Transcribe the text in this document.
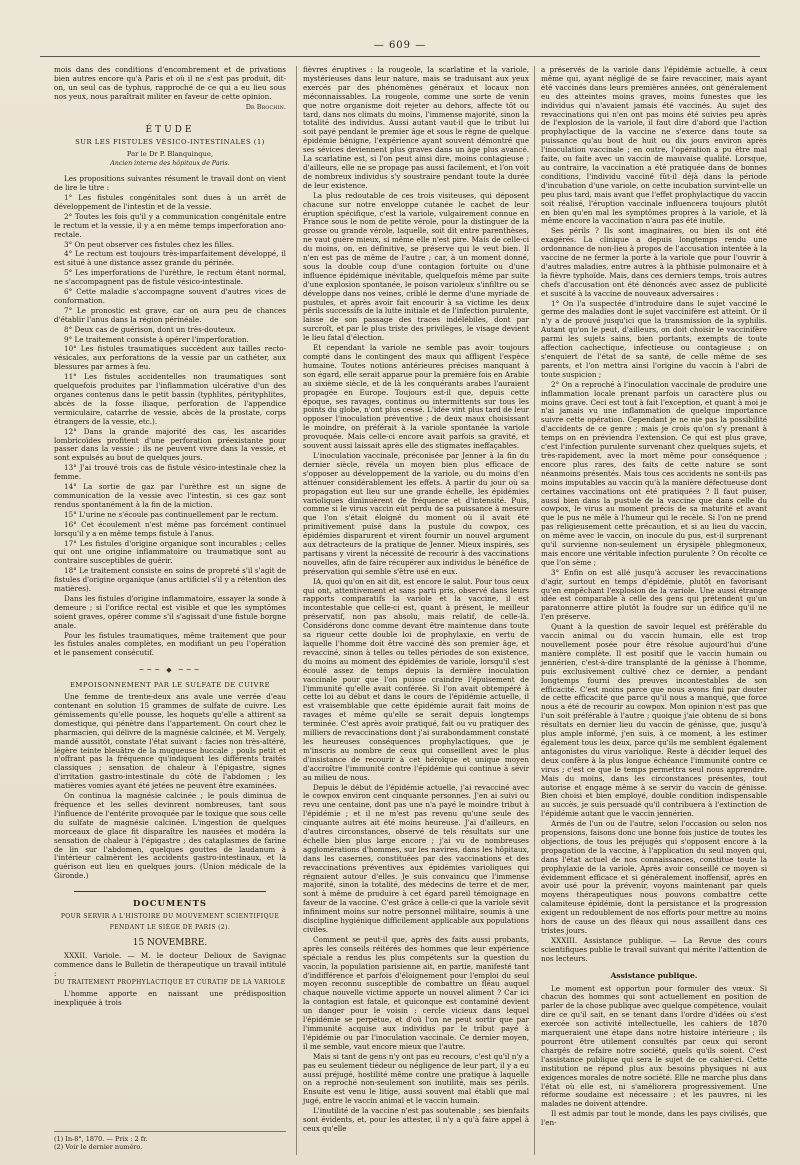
— 609 —

mois dans des conditions d'encombrement et de privations bien autres encore qu'à Paris et où il ne s'est pas produit, dit-on, un seul cas de typhus, rapproché de ce qui a eu lieu sous nos yeux, nous paraîtrait militer en faveur de cette opinion.

Dr Brochin.
ÉTUDE
SUR LES FISTULES VÉSICO-INTESTINALES (1)
Par le Dr P. Blanquinque,
Ancien interne des hôpitaux de Paris.

Les propositions suivantes résument le travail dont on vient de lire le titre :

1° Les fistules congénitales sont dues à un arrêt de développement de l'intestin et de la vessie.

2° Toutes les fois qu'il y a communication congénitale entre le rectum et la vessie, il y a en même temps imperforation ano-rectale.

3° On peut observer ces fistules chez les filles.

4° Le rectum est toujours très-imparfaitement développé, il est situé à une distance assez grande du périnée.

5° Les imperforations de l'urèthre, le rectum étant normal, ne s'accompagnent pas de fistule vésico-intestinale.

6° Cette maladie s'accompagne souvent d'autres vices de conformation.

7° Le pronostic est grave, car on aura peu de chances d'établir l'anus dans la région périnéale.

8° Deux cas de guérison, dont un très-douteux.

9° Le traitement consiste à opérer l'imperforation.

10° Les fistules traumatiques succèdent aux tailles recto-vésicales, aux perforations de la vessie par un cathéter, aux blessures par armes à feu.

11° Les fistules accidentelles non traumatiques sont quelquefois produites par l'inflammation ulcérative d'un des organes contenus dans le petit bassin (typhlites, pérityphlites, abcès de la fosse iliaque, perforation de l'appendice vermiculaire, catarrhe de vessie, abcès de la prostate, corps étrangers de la vessie, etc.).

12° Dans la grande majorité des cas, les ascarides lombricoïdes profitent d'une perforation préexistante pour passer dans la vessie ; ils ne peuvent vivre dans la vessie, et sont expulsés au bout de quelques jours.

13° J'ai trouvé trois cas de fistule vésico-intestinale chez la femme.

14° La sortie de gaz par l'urèthre est un signe de communication de la vessie avec l'intestin, si ces gaz sont rendus spontanément à la fin de la miction.

15° L'urine ne s'écoule pas continuellement par le rectum.

16° Cet écoulement n'est même pas forcément continuel lorsqu'il y a en même temps fistule à l'anus.

17° Les fistules d'origine organique sont incurables ; celles qui ont une origine inflammatoire ou traumatique sont au contraire susceptibles de guérir.

18° Le traitement consiste en soins de propreté s'il s'agit de fistules d'origine organique (anus artificiel s'il y a rétention des matières).

Dans les fistules d'origine inflammatoire, essayer la sonde à demeure ; si l'orifice rectal est visible et que les symptômes soient graves, opérer comme s'il s'agissait d'une fistule borgne anale.

Pour les fistules traumatiques, même traitement que pour les fistules anales complètes, en modifiant un peu l'opération et le pansement consécutif.

~~~ ◆ ~~~
EMPOISONNEMENT PAR LE SULFATE DE CUIVRE

Une femme de trente-deux ans avale une verrée d'eau contenant en solution 15 grammes de sulfate de cuivre. Les gémissements qu'elle pousse, les hoquets qu'elle a attirent sa domestique, qui pénètre dans l'appartement. On court chez le pharmacien, qui délivre de la magnésie calcinée, et M. Vergely, mandé aussitôt, constate l'état suivant : facies non très-altéré, légère teinte bleuâtre de la muqueuse buccale ; pouls petit et n'offrant pas la fréquence qu'indiquent les différents traités classiques ; sensation de chaleur à l'épigastre, signes d'irritation gastro-intestinale du côté de l'abdomen ; les matières vomies ayant été jetées ne peuvent être examinées.

On continua la magnésie calcinée ; le pouls diminua de fréquence et les selles devinrent nombreuses, tant sous l'influence de l'entérite provoquée par le toxique que sous celle du sulfate de magnésie calcinée. L'ingestion de quelques morceaux de glace fit disparaître les nausées et modéra la sensation de chaleur à l'épigastre ; des cataplasmes de farine de lin sur l'abdomen, quelques gouttes de laudanum à l'intérieur calmèrent les accidents gastro-intestinaux, et la guérison eut lieu en quelques jours. (Union médicale de la Gironde.)

DOCUMENTS
POUR SERVIR A L'HISTOIRE DU MOUVEMENT SCIENTIFIQUE
PENDANT LE SIÈGE DE PARIS (2).
15 NOVEMBRE.

XXXII. Variole. — M. le docteur Delioux de Savignac commence dans le Bulletin de thérapeutique un travail intitulé :

DU TRAITEMENT PROPHYLACTIQUE ET CURATIF DE LA VARIOLE

L'homme apporte en naissant une prédisposition inexpliquée à trois

fièvres éruptives : la rougeole, la scarlatine et la variole, mystérieuses dans leur nature, mais se traduisant aux yeux exercés par des phénomènes généraux et locaux non méconnaissables. La rougeole, comme une sorte de venin que notre organisme doit rejeter au dehors, affecte tôt ou tard, dans nos climats du moins, l'immense majorité, sinon la totalité des individus. Aussi autant vaut-il que le tribut lui soit payé pendant le premier âge et sous le règne de quelque épidémie bénigne, l'expérience ayant souvent démontré que ses sévices deviennent plus graves dans un âge plus avancé. La scarlatine est, si l'on peut ainsi dire, moins contagieuse ; d'ailleurs, elle ne se propage pas aussi facilement, et l'on voit de nombreux individus s'y soustraire pendant toute la durée de leur existence.

La plus redoutable de ces trois visiteuses, qui déposent chacune sur notre enveloppe cutanée le cachet de leur éruption spécifique, c'est la variole, vulgairement connue en France sous le nom de petite vérole, pour la distinguer de la grosse ou grande vérole, laquelle, soit dit entre parenthèses, ne vaut guère mieux, si même elle n'est pire. Mais de celle-ci du moins, on, en définitive, se préserve qui le veut bien. Il n'en est pas de même de l'autre ; car, à un moment donné, sous la double coup d'une contagion fortuite ou d'une influence épidémique inévitable, quelquefois même par suite d'une explosion spontanée, le poison varioleux s'infiltre ou se développe dans nos veines, criblé le derme d'une myriade de pustules, et après avoir fait encourir à sa victime les deux périls successifs de la lutte initiale et de l'infection purulente, laisse de son passage des traces indélébiles, dont par surcroît, et par le plus triste des privilèges, le visage devient le lieu fatal d'élection.

Et cependant la variole ne semble pas avoir toujours compté dans le contingent des maux qui affligent l'espèce humaine. Toutes notions antérieures précises manquant à son égard, elle serait apparue pour la première fois en Arabie au sixième siècle, et de là les conquérants arabes l'auraient propagée en Europe. Toujours est-il que, depuis cette époque, ses ravages, continus ou intermittents sur tous les points du globe, n'ont plus cessé. L'idée vint plus tard de leur opposer l'inoculation préventive ; de deux maux choisissant le moindre, on préférait à la variole spontanée la variole provoquée. Mais celle-ci encore avait parfois sa gravité, et souvent aussi laissait après elle des stigmates ineffaçables.

L'inoculation vaccinale, préconisée par Jenner à la fin du dernier siècle, révéla un moyen bien plus efficace de s'opposer au développement de la variole, ou du moins d'en atténuer considérablement les effets. A partir du jour où sa propagation eut lieu sur une grande échelle, les épidémies varioliques diminuèrent de fréquence et d'intensité. Puis, comme si le virus vaccin eût perdu de sa puissance à mesure que l'on s'était éloigné du moment où il avait été primitivement puisé dans la pustule du cowpox, ces épidémies disparurent et virent fournir un nouvel argument aux détracteurs de la pratique de Jenner. Mieux inspirés, ses partisans y virent la nécessité de recourir à des vaccinations nouvelles, afin de faire récupérer aux individus le bénéfice de préservation qui semble s'être usé en eux.

IA, quoi qu'on en ait dit, est encore le salut. Pour tous ceux qui ont, attentivement et sans parti pris, observé dans leurs rapports comparatifs la variole et la vaccine, il est incontestable que celle-ci est, quant à présent, le meilleur préservatif, non pas absolu, mais relatif, de celle-là. Considérons donc comme devant être maintenue dans toute sa rigueur cette double loi de prophylaxie, en vertu de laquelle l'homme doit être vacciné dès son premier âge, et revacciné, sinon à telles ou telles périodes de son existence, du moins au moment des épidémies de variole, lorsqu'il s'est écoulé assez de temps depuis la dernière inoculation vaccinale pour que l'on puisse craindre l'épuisement de l'immunité qu'elle avait conférée. Si l'on avait obtempéré à cette loi au début et dans le cours de l'épidémie actuelle, il est vraisemblable que cette épidémie aurait fait moins de ravages et même qu'elle se serait depuis longtemps terminée. C'est après avoir pratiqué, fait ou vu pratiquer des milliers de revaccinations dont j'ai surabondamment constaté les heureuses conséquences prophylactiques, que je m'inscris au nombre de ceux qui conseillent avec le plus d'insistance de recourir à cet héroïque et unique moyen d'accroître l'immunité contre l'épidémie qui continue à sévir au milieu de nous.

Depuis le début de l'épidémie actuelle, j'ai revacciné avec le cowpox environ cent cinquante personnes. J'en ai suivi ou revu une centaine, dont pas une n'a payé le moindre tribut à l'épidémie ; et il ne m'est pas revenu qu'une seule des cinquante autres ait été moins heureuse. J'ai d'ailleurs, en d'autres circonstances, observé de tels résultats sur une échelle bien plus large encore ; j'ai vu de nombreuses agglomérations d'hommes, sur les navires, dans les hôpitaux, dans les casernes, constituées par des vaccinations et des revaccinations préventives aux épidémies varioliques qui régnaient autour d'elles. Je suis convaincu que l'immense majorité, sinon la totalité, des médecins de terre et de mer, sont à même de produire à cet égard pareil témoignage en faveur de la vaccine. C'est grâce à celle-ci que la variole sévit infiniment moins sur notre personnel militaire, soumis à une discipline hygiénique difficilement applicable aux populations civiles.

Comment se peut-il que, après des faits aussi probants, après les conseils réitérés des hommes que leur expérience spéciale a rendus les plus compétents sur la question du vaccin, la population parisienne ait, en partie, manifesté tant d'indifférence et parfois d'éloignement pour l'emploi du seul moyen reconnu susceptible de combattre un fléau auquel chaque nouvelle victime apporte un nouvel aliment ? Car ici la contagion est fatale, et quiconque est contaminé devient un danger pour le voisin ; cercle vicieux dans lequel l'épidémie se perpétue, et d'où l'on ne peut sortir que par l'immunité acquise aux individus par le tribut payé à l'épidémie ou par l'inoculation vaccinale. Ce dernier moyen, il me semble, vaut encore mieux que l'autre.

Mais si tant de gens n'y ont pas eu recours, c'est qu'il n'y a pas eu seulement tiédeur ou négligence de leur part, il y a eu aussi préjugé, hostilité même contre une pratique à laquelle on a reproché non-seulement son inutilité, mais ses périls. Ensuite est venu le litige, aussi souvent mal établi que mal jugé, entre le vaccin animal et le vaccin humain.

L'inutilité de la vaccine n'est pas soutenable ; ses bienfaits sont évidents, et, pour les attester, il n'y a qu'à faire appel à ceux qu'elle

a préservés de la variole dans l'épidémie actuelle, à ceux même qui, ayant négligé de se faire revacciner, mais ayant été vaccinés dans leurs premières années, ont généralement eu des atteintes moins graves, moins funestes que les individus qui n'avaient jamais été vaccinés. Au sujet des revaccinations qui n'en ont pas moins été suivies peu après de l'explosion de la variole, il faut dire d'abord que l'action prophylactique de la vaccine ne s'exerce dans toute sa puissance qu'au bout de huit ou dix jours environ après l'inoculation vaccinale ; en outre, l'opération a pu être mal faite, ou faite avec un vaccin de mauvaise qualité. Lorsque, au contraire, la vaccination a été pratiquée dans de bonnes conditions, l'individu vacciné fût-il déjà dans la période d'incubation d'une variole, on cette incubation survint-elle un peu plus tard, mais avant que l'effet prophylactique du vaccin soit réalisé, l'éruption vaccinale influencera toujours plutôt en bien qu'en mal les symptômes propres à la variole, et là même encore la vaccination n'aura pas été inutile.

Ses périls ? Ils sont imaginaires, ou bien ils ont été exagérés. La clinique a depuis longtemps rendu une ordonnance de non-lieu à propos de l'accusation intentée à la vaccine de ne fermer la porte à la variole que pour l'ouvrir à d'autres maladies, entre autres à la phthisie pulmonaire et à la fièvre typhoïde. Mais, dans ces derniers temps, trois autres chefs d'accusation ont été dénoncés avec assez de publicité et suscité à la vaccine de nouveaux adversaires :

1° On l'a suspectée d'introduire dans le sujet vacciné le germe des maladies dont le sujet vaccinifère est atteint. Or il n'y a de prouvé jusqu'ici que la transmission de la syphilis. Autant qu'on le peut, d'ailleurs, on doit choisir le vaccinifère parmi les sujets sains, bien portants, exempts de toute affection cachectique, infectieuse ou contagieuse ; on s'enquiert de l'état de sa santé, de celle même de ses parents, et l'on mettra ainsi l'origine du vaccin à l'abri de toute suspicion ;

2° On a reproché à l'inoculation vaccinale de produire une inflammation locale prenant parfois un caractère plus ou moins grave. Ceci est tout à fait l'exception, et quant à moi je n'ai jamais vu une inflammation de quelque importance suivre cette opération. Cependant je ne nie pas la possibilité d'accidents de ce genre ; mais je crois qu'on s'y prenant à temps on en préviendra l'extension. Ce qui est plus grave, c'est l'infection purulente survenant chez quelques sujets, et très-rapidement, avec la mort même pour conséquence ; encore plus rares, des faits de cette nature se sont néanmoins présentés. Mais tous ces accidents ne sont-ils pas moins imputables au vaccin qu'à la manière défectueuse dont certaines vaccinations ont été pratiquées ? Il faut puiser, aussi bien dans la pustule de la vaccine que dans celle du cowpox, le virus au moment précis de sa maturité et avant que le pus ne mêle à l'humeur qui le recèle. Si l'on ne prend pas religieusement cette précaution, et si au lieu du vaccin, on même avec le vaccin, on inocule du pus, est-il surprenant qu'il survienne non-seulement un érysipèle phlegmoneux, mais encore une véritable infection purulente ? On récolte ce que l'on sème ;

3° Enfin on est allé jusqu'à accuser les revaccinations d'agir, surtout en temps d'épidémie, plutôt en favorisant qu'en empêchant l'explosion de la variole. Une aussi étrange idée est comparable à celle des gens qui prétendent qu'un paratonnerre attire plutôt la foudre sur un édifice qu'il ne l'en préserve.

Quant à la question de savoir lequel est préférable du vaccin animal ou du vaccin humain, elle est trop nouvellement posée pour être résolue aujourd'hui d'une manière complète. Il est positif que le vaccin humain ou jennérien, c'est-à-dire transplanté de la génisse à l'homme, puis exclusivement cultivé chez ce dernier, a pendant longtemps fourni des preuves incontestables de son efficacité. C'est moins parce que nous avons fini par douter de cette efficacité que parce qu'il nous a manqué, que force nous a été de recourir au cowpox. Mon opinion n'est pas que l'un soit préférable à l'autre ; quoique j'aie obtenu de si bons résultats en dernier lieu du vaccin de génisse, que, jusqu'à plus ample informé, j'en suis, à ce moment, à les estimer également tous les deux, parce qu'ils me semblent également antagonistes du virus variolique. Reste à décider lequel des deux confère à la plus longue échéance l'immunité contre ce virus ; c'est ce que le temps permettra seul nous apprendre. Mais du moins, dans les circonstances présentes, tout autorise et engage même à se servir du vaccin de génisse. Bien choisi et bien employé, double condition indispensable au succès, je suis persuadé qu'il contribuera à l'extinction de l'épidémie autant que le vaccin jennérien.

Armés de l'un ou de l'autre, selon l'occasion ou selon nos propensions, faisons donc une bonne fois justice de toutes les objections, de tous les préjugés qui s'opposent encore à la propagation de la vaccine, à l'application du seul moyen qui, dans l'état actuel de nos connaissances, constitue toute la prophylaxie de la variole. Après avoir conseillé ce moyen si évidemment efficace et si généralement inoffensif, après en avoir usé pour la prévenir, voyons maintenant par quels moyens thérapeutiques nous pouvons combattre cette calamiteuse épidémie, dont la persistance et la progression exigent un redoublement de nos efforts pour mettre au moins hors de cause un des fléaux qui nous assaillent dans ces tristes jours.

XXXIII. Assistance publique. — La Revue des cours scientifiques publie le travail suivant qui mérite l'attention de nos lecteurs.

Assistance publique.

Le moment est opportun pour formuler des vœux. Si chacun des hommes qui sont actuellement en position de parler de la chose publique avec quelque compétence, voulait dire ce qu'il sait, en se tenant dans l'ordre d'idées où s'est exercée son activité intellectuelle, les cahiers de 1870 marqueraient une étape dans notre histoire intérieure ; ils pourront être utilement consultés par ceux qui seront chargés de refaire notre société, quels qu'ils soient. C'est l'assistance publique qui sera le sujet de ce cahier-ci. Cette institution ne répond plus aux besoins physiques ni aux exigences morales de notre société. Elle ne marche plus dans l'état où elle est, ni s'améliorera progressivement. Une réforme soudaine est nécessaire ; et les pauvres, ni les malades ne doivent attendre.

Il est admis par tout le monde, dans les pays civilisés, que l'en-

(1) In-8°, 1870. — Prix : 2 fr.
(2) Voir le dernier numéro.
